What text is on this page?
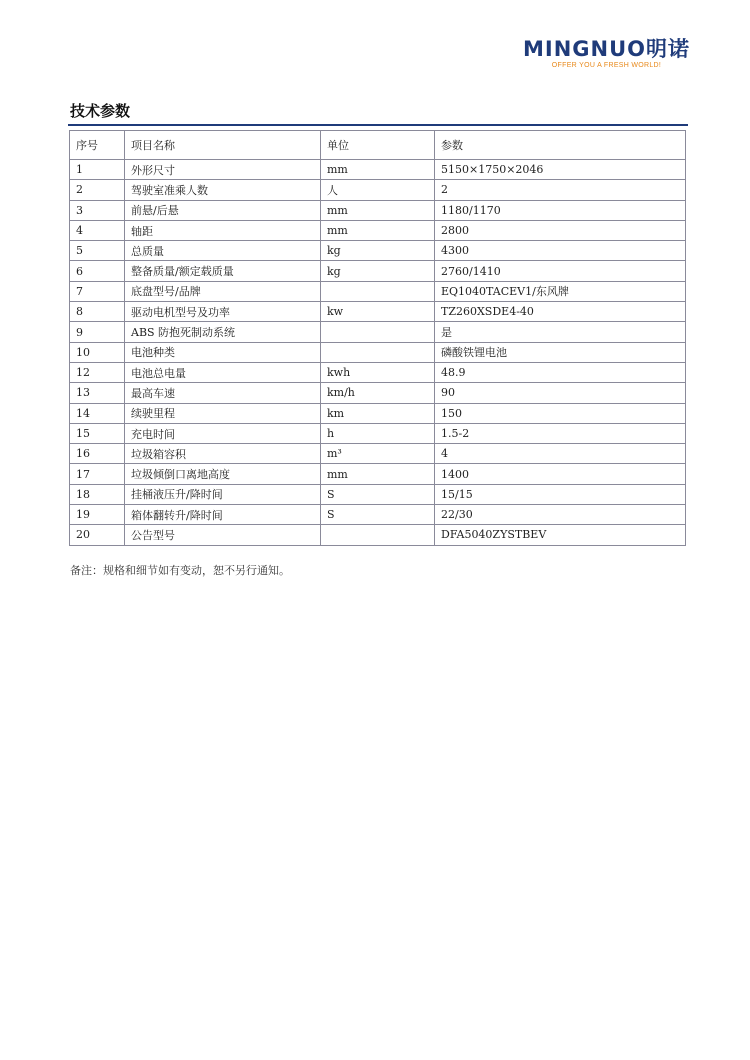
MINGNUO明诺
OFFER YOU A FRESH WORLD!
技术参数
序号	项目名称	单位	参数
1	外形尺寸	mm	5150×1750×2046
2	驾驶室准乘人数	人	2
3	前悬/后悬	mm	1180/1170
4	轴距	mm	2800
5	总质量	kg	4300
6	整备质量/额定载质量	kg	2760/1410
7	底盘型号/品牌		EQ1040TACEV1/东风牌
8	驱动电机型号及功率	kw	TZ260XSDE4-40
9	ABS 防抱死制动系统		是
10	电池种类		磷酸铁锂电池
12	电池总电量	kwh	48.9
13	最高车速	km/h	90
14	续驶里程	km	150
15	充电时间	h	1.5-2
16	垃圾箱容积	m³	4
17	垃圾倾倒口离地高度	mm	1400
18	挂桶液压升/降时间	S	15/15
19	箱体翻转升/降时间	S	22/30
20	公告型号		DFA5040ZYSTBEV
备注：规格和细节如有变动，恕不另行通知。
